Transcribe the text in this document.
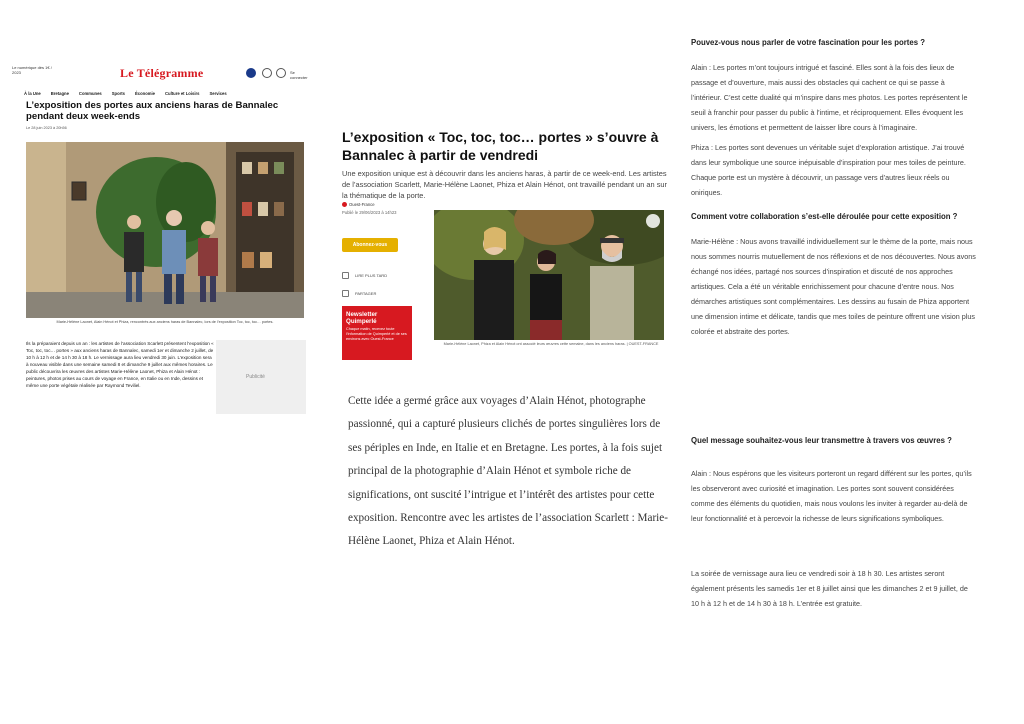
Le numérique dès 1€ / 2023	Le Télégramme	Se connecter
À la Une Bretagne Communes Sports Économie Culture et Loisirs Services
L’exposition des portes aux anciens haras de Bannalec pendant deux week-ends
Le 28 juin 2023 à 20h56
Marie-Hélène Laonet, Alain Hénot et Phiza, rencontrés aux anciens haras de Bannalec, lors de l’exposition Toc, toc, toc… portes.
Ils la préparaient depuis un an : les artistes de l’association Scarlett présentent l’exposition « Toc, toc, toc… portes » aux anciens haras de Bannalec, samedi 1er et dimanche 2 juillet, de 10 h à 12 h et de 14 h 30 à 18 h. Le vernissage aura lieu vendredi 30 juin. L’exposition sera à nouveau visible dans une semaine samedi 8 et dimanche 9 juillet aux mêmes horaires. Le public découvrira les œuvres des artistes Marie-Hélène Laonet, Phiza et Alain Hénot : peintures, photos prises au cours de voyage en France, en Italie ou en Inde, dessins et même une porte végétale réalisée par Raymond Teviliel.
Publicité
L’exposition « Toc, toc, toc… portes » s’ouvre à Bannalec à partir de vendredi
Une exposition unique est à découvrir dans les anciens haras, à partir de ce week-end. Les artistes de l’association Scarlett, Marie-Hélène Laonet, Phiza et Alain Hénot, ont travaillé pendant un an sur la thématique de la porte.
Ouest-France
Publié le 29/06/2023 à 14h23
Abonnez-vous
LIRE PLUS TARD
PARTAGER
Newsletter Quimperlé
Chaque matin, recevez toute l’information de Quimperlé et de ses environs avec Ouest-France
Marie-Hélène Laonet, Phiza et Alain Hénot ont associé leurs œuvres cette semaine, dans les anciens haras. | OUEST-FRANCE
Cette idée a germé grâce aux voyages d’Alain Hénot, photographe passionné, qui a capturé plusieurs clichés de portes singulières lors de ses périples en Inde, en Italie et en Bretagne. Les portes, à la fois sujet principal de la photographie d’Alain Hénot et symbole riche de significations, ont suscité l’intrigue et l’intérêt des artistes pour cette exposition. Rencontre avec les artistes de l’association Scarlett : Marie-Hélène Laonet, Phiza et Alain Hénot.
Pouvez-vous nous parler de votre fascination pour les portes ?
Alain : Les portes m’ont toujours intrigué et fasciné. Elles sont à la fois des lieux de passage et d’ouverture, mais aussi des obstacles qui cachent ce qui se passe à l’intérieur. C’est cette dualité qui m’inspire dans mes photos. Les portes représentent le seuil à franchir pour passer du public à l’intime, et réciproquement. Elles évoquent les univers, les émotions et permettent de laisser libre cours à l’imaginaire.
Phiza : Les portes sont devenues un véritable sujet d’exploration artistique. J’ai trouvé dans leur symbolique une source inépuisable d’inspiration pour mes toiles de peinture. Chaque porte est un mystère à découvrir, un passage vers d’autres lieux réels ou oniriques.
Comment votre collaboration s’est-elle déroulée pour cette exposition ?
Marie-Hélène : Nous avons travaillé individuellement sur le thème de la porte, mais nous nous sommes nourris mutuellement de nos réflexions et de nos découvertes. Nous avons échangé nos idées, partagé nos sources d’inspiration et discuté de nos approches artistiques. Cela a été un véritable enrichissement pour chacune d’entre nous. Nos démarches artistiques sont complémentaires. Les dessins au fusain de Phiza apportent une dimension intime et délicate, tandis que mes toiles de peinture offrent une vision plus colorée et abstraite des portes.
Quel message souhaitez-vous leur transmettre à travers vos œuvres ?
Alain : Nous espérons que les visiteurs porteront un regard différent sur les portes, qu’ils les observeront avec curiosité et imagination. Les portes sont souvent considérées comme des éléments du quotidien, mais nous voulons les inviter à regarder au-delà de leur fonctionnalité et à percevoir la richesse de leurs significations symboliques.
La soirée de vernissage aura lieu ce vendredi soir à 18 h 30. Les artistes seront également présents les samedis 1er et 8 juillet ainsi que les dimanches 2 et 9 juillet, de 10 h à 12 h et de 14 h 30 à 18 h. L’entrée est gratuite.
